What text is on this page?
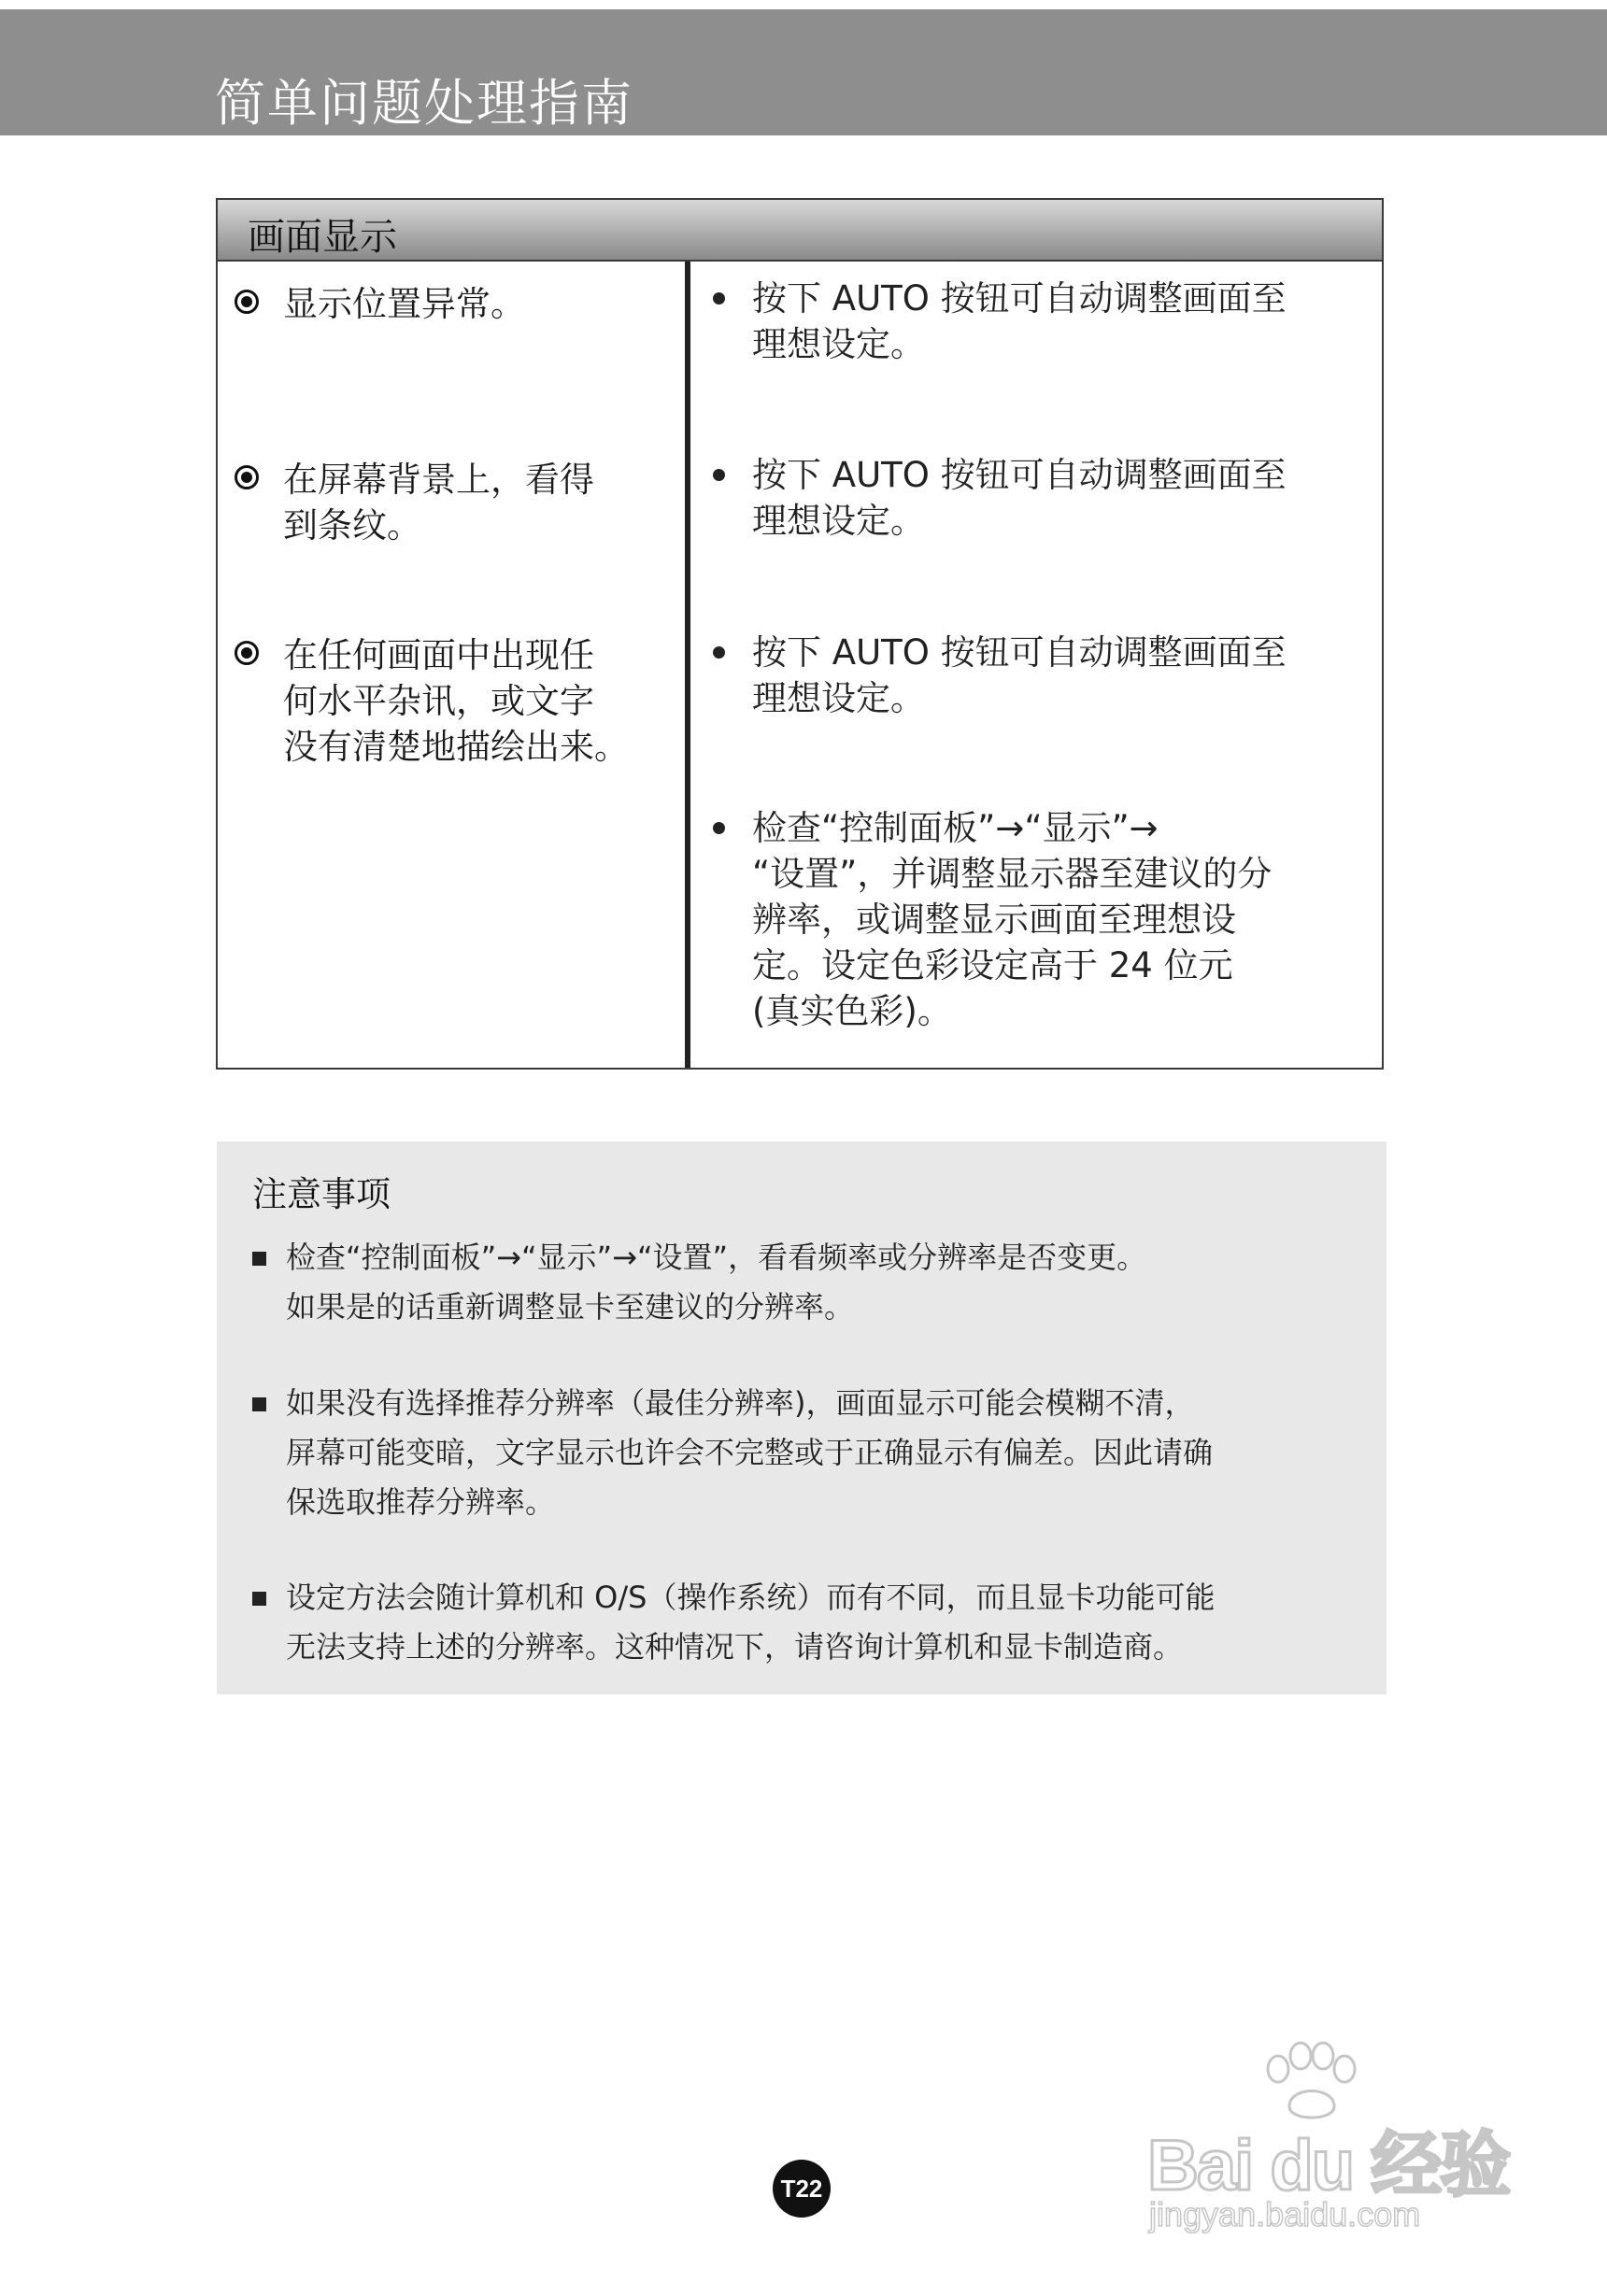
简单问题处理指南
画面显示
显示位置异常。
在屏幕背景上，看得
到条纹。
在任何画面中出现任
何水平杂讯，或文字
没有清楚地描绘出来。
按下 AUTO 按钮可自动调整画面至
理想设定。
按下 AUTO 按钮可自动调整画面至
理想设定。
按下 AUTO 按钮可自动调整画面至
理想设定。
检查“控制面板”→“显示”→
“设置”，并调整显示器至建议的分
辨率，或调整显示画面至理想设
定。设定色彩设定高于 24 位元
(真实色彩)。
注意事项
检查“控制面板”→“显示”→“设置”，看看频率或分辨率是否变更。
如果是的话重新调整显卡至建议的分辨率。
如果没有选择推荐分辨率（最佳分辨率)，画面显示可能会模糊不清，
屏幕可能变暗，文字显示也许会不完整或于正确显示有偏差。因此请确
保选取推荐分辨率。
设定方法会随计算机和 O/S（操作系统）而有不同，而且显卡功能可能
无法支持上述的分辨率。这种情况下，请咨询计算机和显卡制造商。
T22	Bai du 经验
jingyan.baidu.com
